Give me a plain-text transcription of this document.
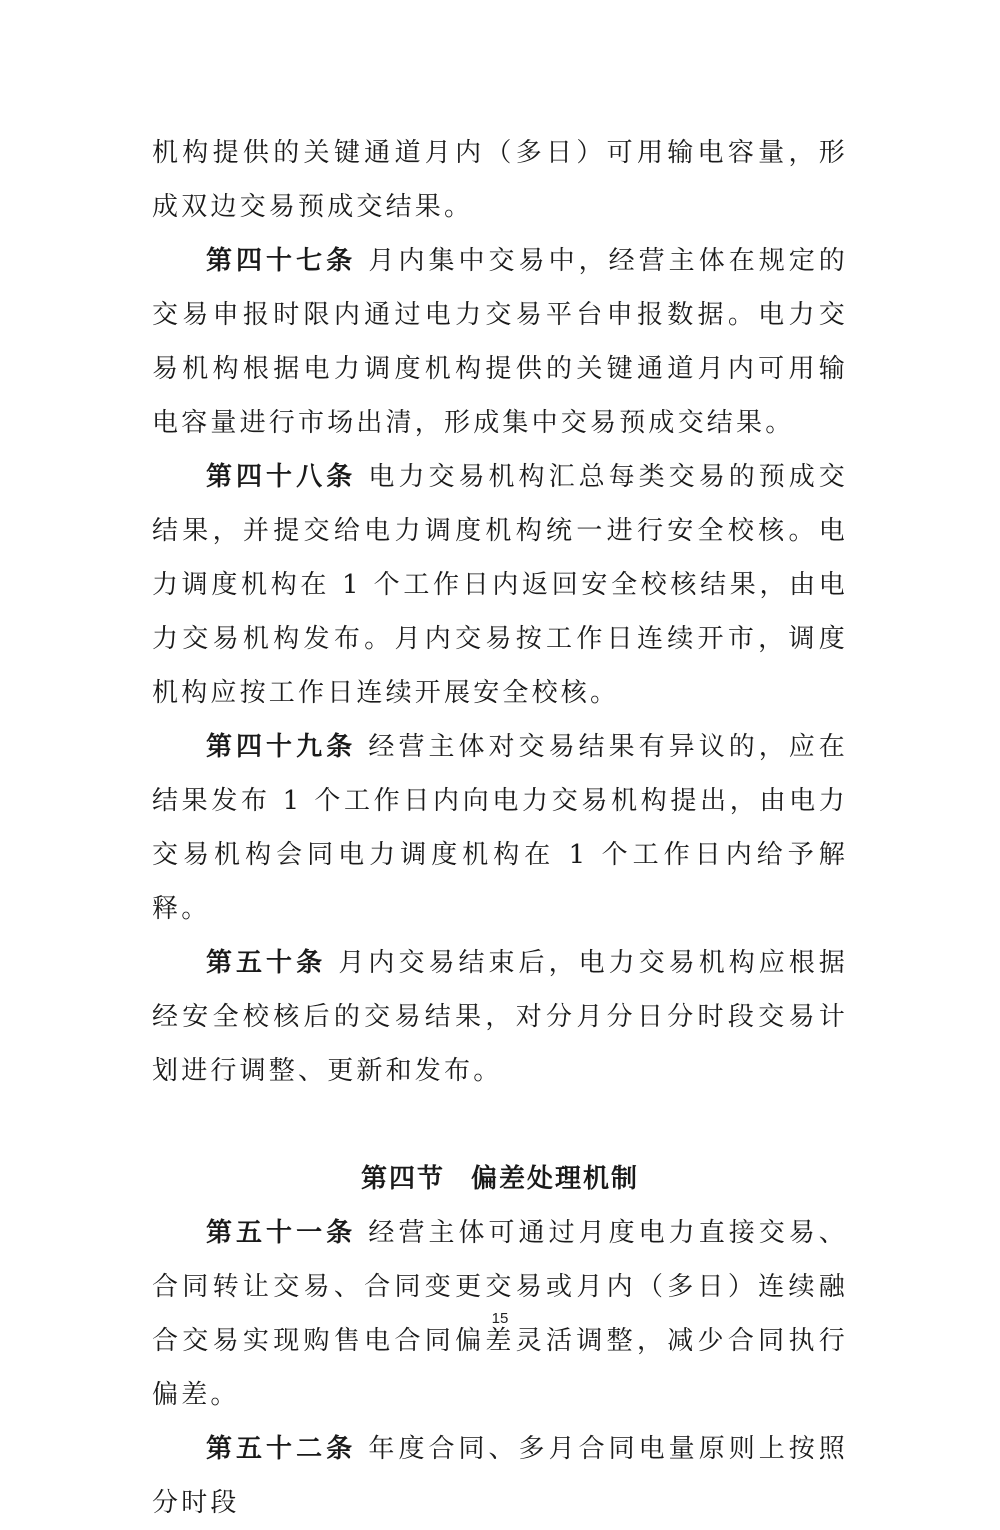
机构提供的关键通道月内（多日）可用输电容量，形成双边交易预成交结果。

第四十七条 月内集中交易中，经营主体在规定的交易申报时限内通过电力交易平台申报数据。电力交易机构根据电力调度机构提供的关键通道月内可用输电容量进行市场出清，形成集中交易预成交结果。

第四十八条 电力交易机构汇总每类交易的预成交结果，并提交给电力调度机构统一进行安全校核。电力调度机构在 1 个工作日内返回安全校核结果，由电力交易机构发布。月内交易按工作日连续开市，调度机构应按工作日连续开展安全校核。

第四十九条 经营主体对交易结果有异议的，应在结果发布 1 个工作日内向电力交易机构提出，由电力交易机构会同电力调度机构在 1 个工作日内给予解释。

第五十条 月内交易结束后，电力交易机构应根据经安全校核后的交易结果，对分月分日分时段交易计划进行调整、更新和发布。

第四节 偏差处理机制

第五十一条 经营主体可通过月度电力直接交易、合同转让交易、合同变更交易或月内（多日）连续融合交易实现购售电合同偏差灵活调整，减少合同执行偏差。

第五十二条 年度合同、多月合同电量原则上按照分时段

15
